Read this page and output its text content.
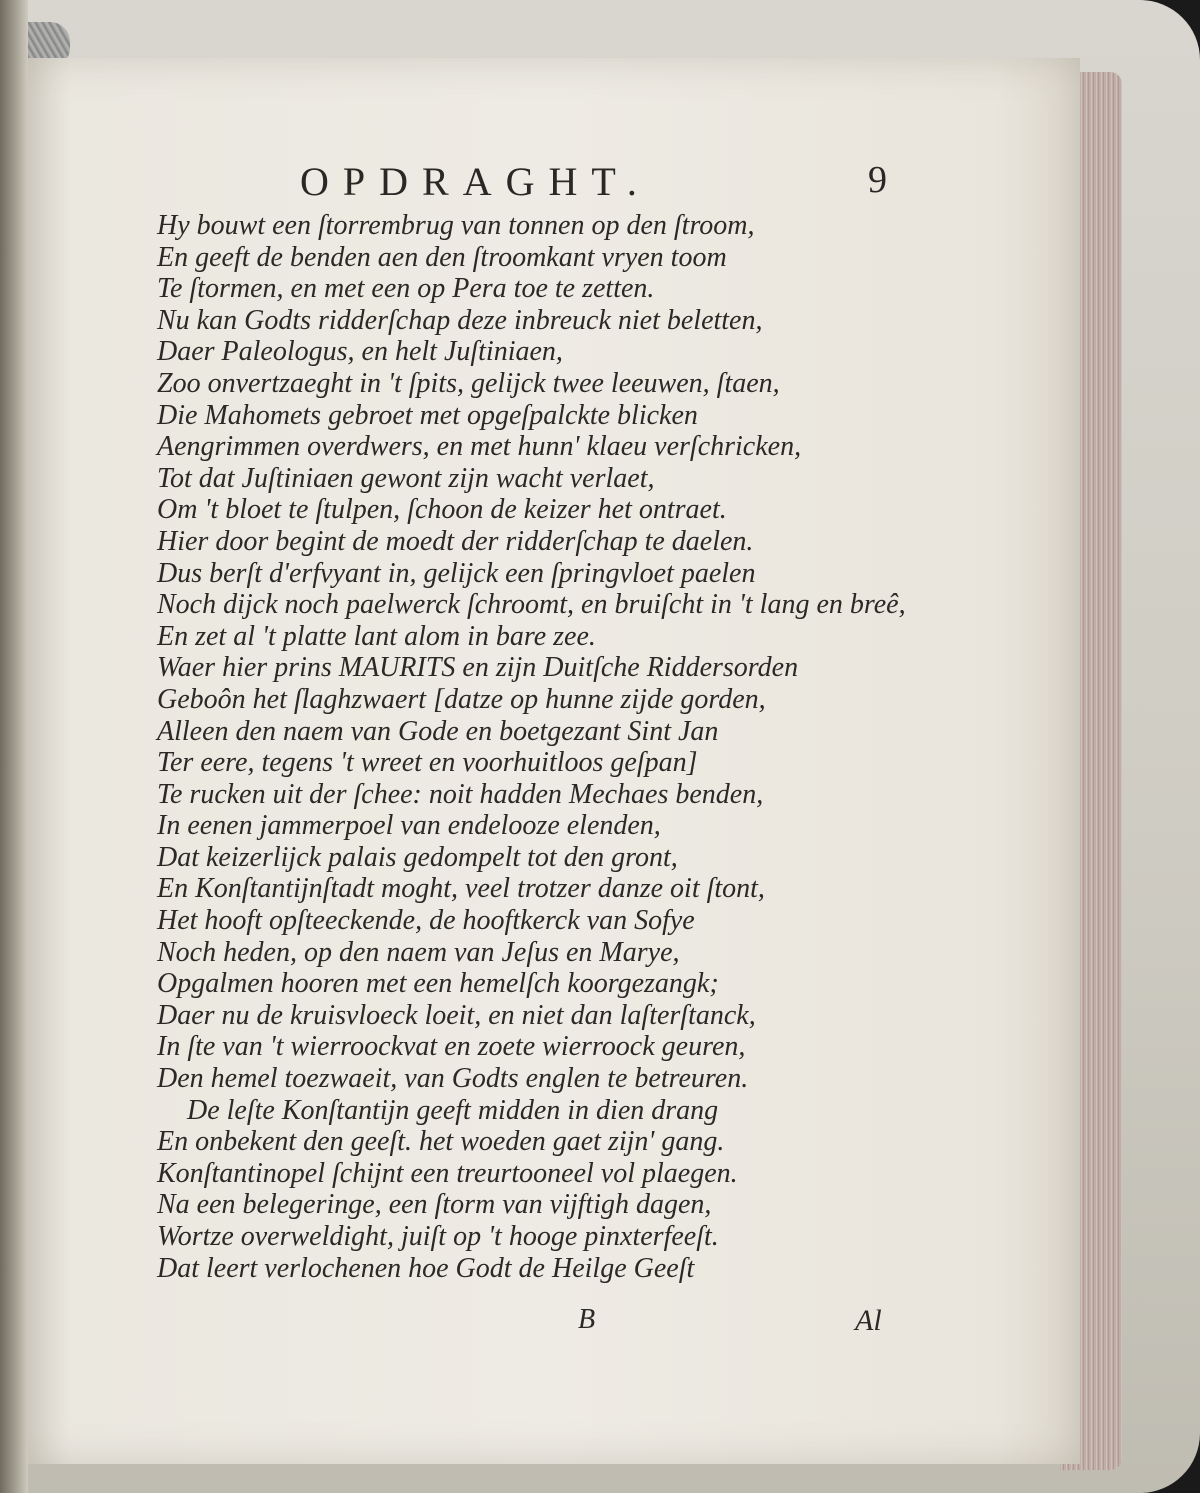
OPDRAGHT.	9
Hy bouwt een ſtorrembrug van tonnen op den ſtroom,
En geeft de benden aen den ſtroomkant vryen toom
Te ſtormen, en met een op Pera toe te zetten.
Nu kan Godts ridderſchap deze inbreuck niet beletten,
Daer Paleologus, en helt Juſtiniaen,
Zoo onvertzaeght in 't ſpits, gelijck twee leeuwen, ſtaen,
Die Mahomets gebroet met opgeſpalckte blicken
Aengrimmen overdwers, en met hunn' klaeu verſchricken,
Tot dat Juſtiniaen gewont zijn wacht verlaet,
Om 't bloet te ſtulpen, ſchoon de keizer het ontraet.
Hier door begint de moedt der ridderſchap te daelen.
Dus berſt d'erfvyant in, gelijck een ſpringvloet paelen
Noch dijck noch paelwerck ſchroomt, en bruiſcht in 't lang en breê,
En zet al 't platte lant alom in bare zee.
Waer hier prins MAURITS en zijn Duitſche Riddersorden
Geboôn het ſlaghzwaert [datze op hunne zijde gorden,
Alleen den naem van Gode en boetgezant Sint Jan
Ter eere, tegens 't wreet en voorhuitloos geſpan]
Te rucken uit der ſchee: noit hadden Mechaes benden,
In eenen jammerpoel van endelooze elenden,
Dat keizerlijck palais gedompelt tot den gront,
En Konſtantijnſtadt moght, veel trotzer danze oit ſtont,
Het hooft opſteeckende, de hooftkerck van Sofye
Noch heden, op den naem van Jeſus en Marye,
Opgalmen hooren met een hemelſch koorgezangk;
Daer nu de kruisvloeck loeit, en niet dan laſterſtanck,
In ſte van 't wierroockvat en zoete wierroock geuren,
Den hemel toezwaeit, van Godts englen te betreuren.
De leſte Konſtantijn geeft midden in dien drang
En onbekent den geeſt. het woeden gaet zijn' gang.
Konſtantinopel ſchijnt een treurtooneel vol plaegen.
Na een belegeringe, een ſtorm van vijftigh dagen,
Wortze overweldight, juiſt op 't hooge pinxterfeeſt.
Dat leert verlochenen hoe Godt de Heilge Geeſt
B	Al
